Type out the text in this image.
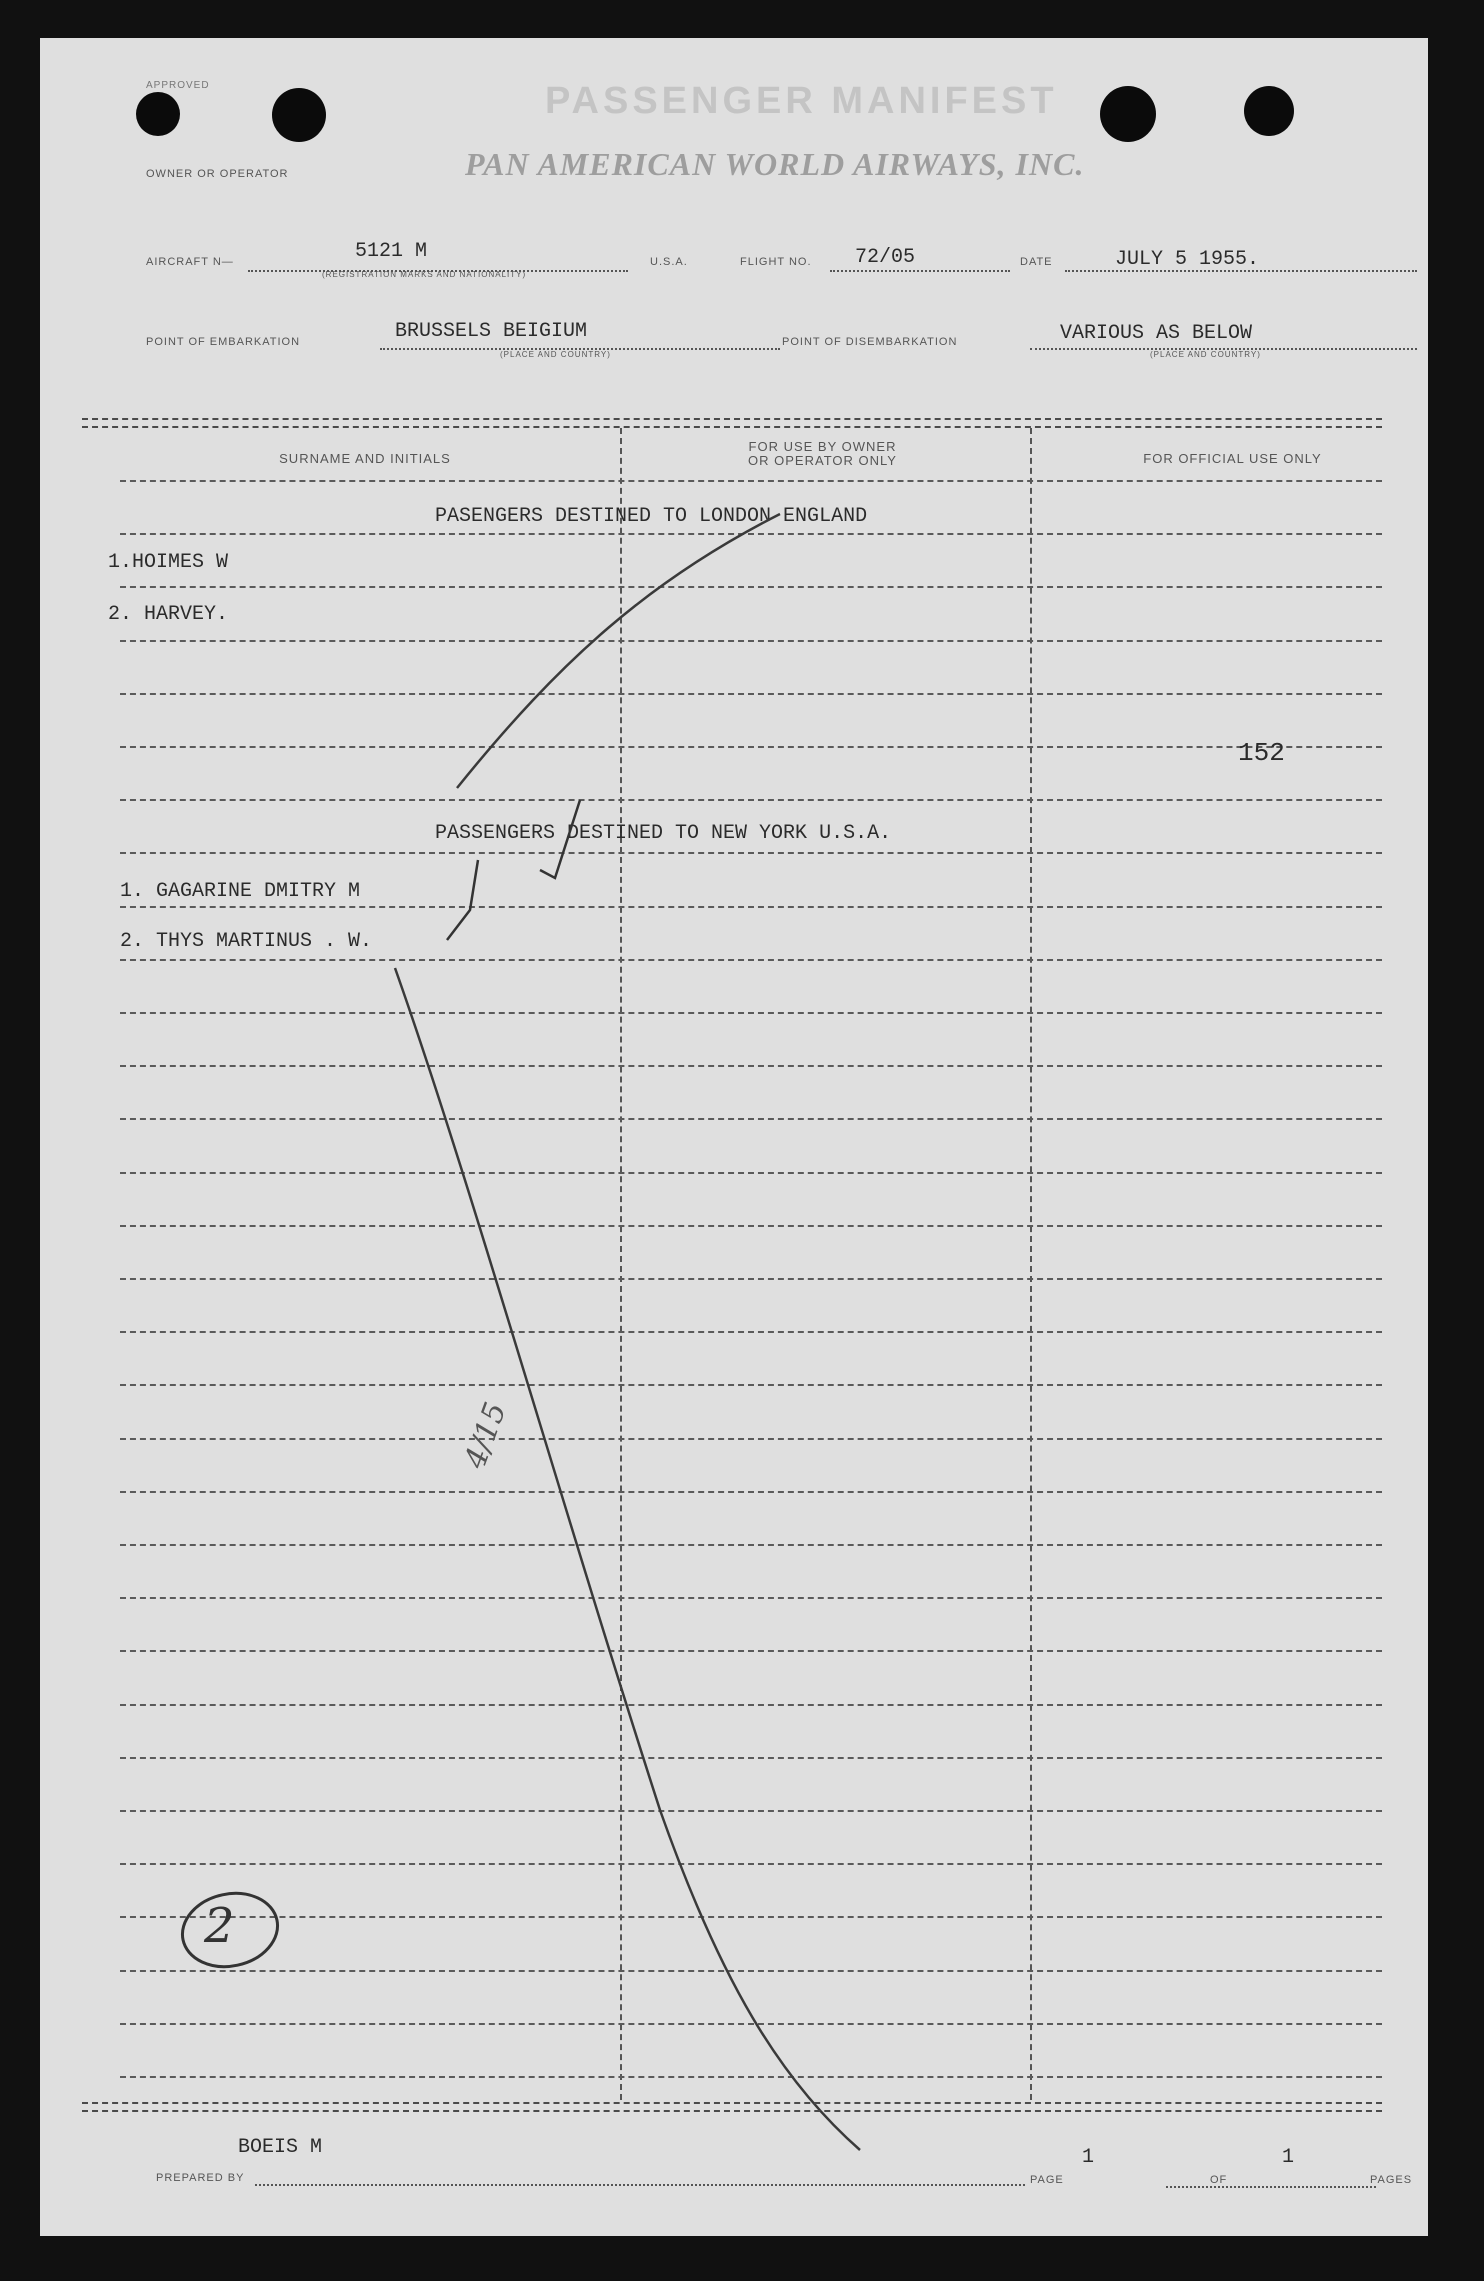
APPROVED	PASSENGER MANIFEST
OWNER OR OPERATOR	PAN AMERICAN WORLD AIRWAYS, INC.
AIRCRAFT N—	5121 M
(REGISTRATION MARKS AND NATIONALITY)
U.S.A.	FLIGHT NO. 72/05	DATE	JULY 5 1955.
POINT OF EMBARKATION	BRUSSELS BEIGIUM
(PLACE AND COUNTRY)
POINT OF DISEMBARKATION	VARIOUS AS BELOW
(PLACE AND COUNTRY)
SURNAME AND INITIALS
FOR USE BY OWNER
OR OPERATOR ONLY	FOR OFFICIAL USE ONLY
PASENGERS DESTINED TO LONDON ENGLAND
1.HOIMES W
2. HARVEY.
152
PASSENGERS DESTINED TO NEW YORK U.S.A.
1. GAGARINE DMITRY M
2. THYS MARTINUS . W.
4/15
2
BOEIS M
PREPARED BY
1
PAGE	OF
1
PAGES
